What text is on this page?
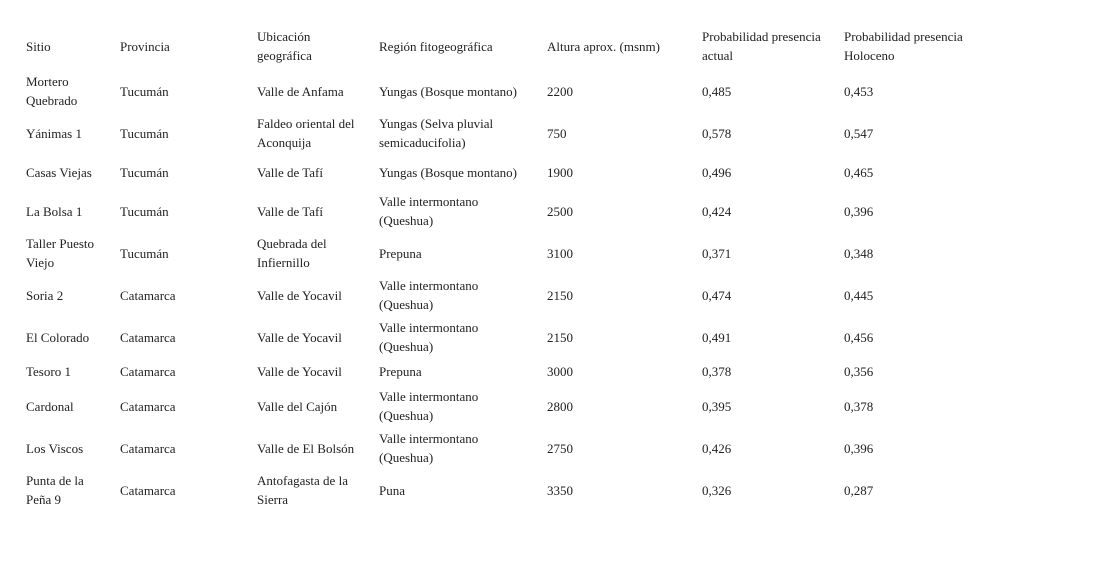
Sitio	Provincia	Ubicación geográfica	Región fitogeográfica	Altura aprox. (msnm)	Probabilidad presencia actual	Probabilidad presencia Holoceno
Mortero Quebrado	Tucumán	Valle de Anfama	Yungas (Bosque montano)	2200	0,485	0,453
Yánimas 1	Tucumán	Faldeo oriental del Aconquija	Yungas (Selva pluvial semicaducifolia)	750	0,578	0,547
Casas Viejas	Tucumán	Valle de Tafí	Yungas (Bosque montano)	1900	0,496	0,465
La Bolsa 1	Tucumán	Valle de Tafí	Valle intermontano (Queshua)	2500	0,424	0,396
Taller Puesto Viejo	Tucumán	Quebrada del Infiernillo	Prepuna	3100	0,371	0,348
Soria 2	Catamarca	Valle de Yocavil	Valle intermontano (Queshua)	2150	0,474	0,445
El Colorado	Catamarca	Valle de Yocavil	Valle intermontano (Queshua)	2150	0,491	0,456
Tesoro 1	Catamarca	Valle de Yocavil	Prepuna	3000	0,378	0,356
Cardonal	Catamarca	Valle del Cajón	Valle intermontano (Queshua)	2800	0,395	0,378
Los Viscos	Catamarca	Valle de El Bolsón	Valle intermontano (Queshua)	2750	0,426	0,396
Punta de la Peña 9	Catamarca	Antofagasta de la Sierra	Puna	3350	0,326	0,287
